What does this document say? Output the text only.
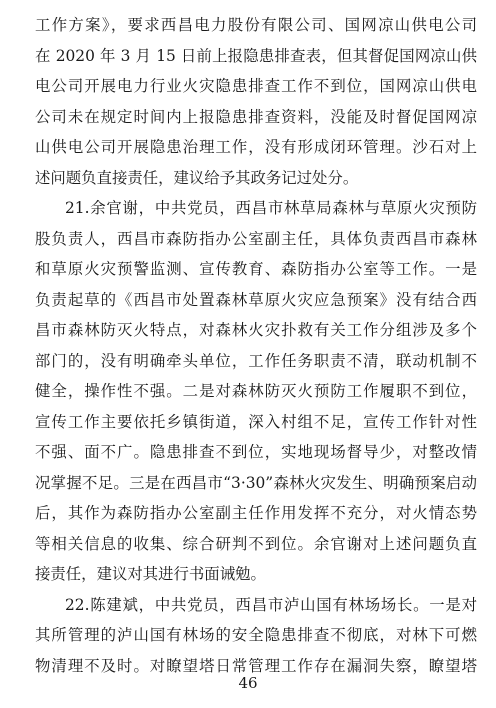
工作方案》，要求西昌电力股份有限公司、国网凉山供电公司
在 2020 年 3 月 15 日前上报隐患排查表，但其督促国网凉山供
电公司开展电力行业火灾隐患排查工作不到位，国网凉山供电
公司未在规定时间内上报隐患排查资料，没能及时督促国网凉
山供电公司开展隐患治理工作，没有形成闭环管理。沙石对上
述问题负直接责任，建议给予其政务记过处分。
21.余官谢，中共党员，西昌市林草局森林与草原火灾预防
股负责人，西昌市森防指办公室副主任，具体负责西昌市森林
和草原火灾预警监测、宣传教育、森防指办公室等工作。一是
负责起草的《西昌市处置森林草原火灾应急预案》没有结合西
昌市森林防灭火特点，对森林火灾扑救有关工作分组涉及多个
部门的，没有明确牵头单位，工作任务职责不清，联动机制不
健全，操作性不强。二是对森林防灭火预防工作履职不到位，
宣传工作主要依托乡镇街道，深入村组不足，宣传工作针对性
不强、面不广。隐患排查不到位，实地现场督导少，对整改情
况掌握不足。三是在西昌市“3·30”森林火灾发生、明确预案启动
后，其作为森防指办公室副主任作用发挥不充分，对火情态势
等相关信息的收集、综合研判不到位。余官谢对上述问题负直
接责任，建议对其进行书面诫勉。
22.陈建斌，中共党员，西昌市泸山国有林场场长。一是对
其所管理的泸山国有林场的安全隐患排查不彻底，对林下可燃
物清理不及时。对瞭望塔日常管理工作存在漏洞失察，瞭望塔
46
